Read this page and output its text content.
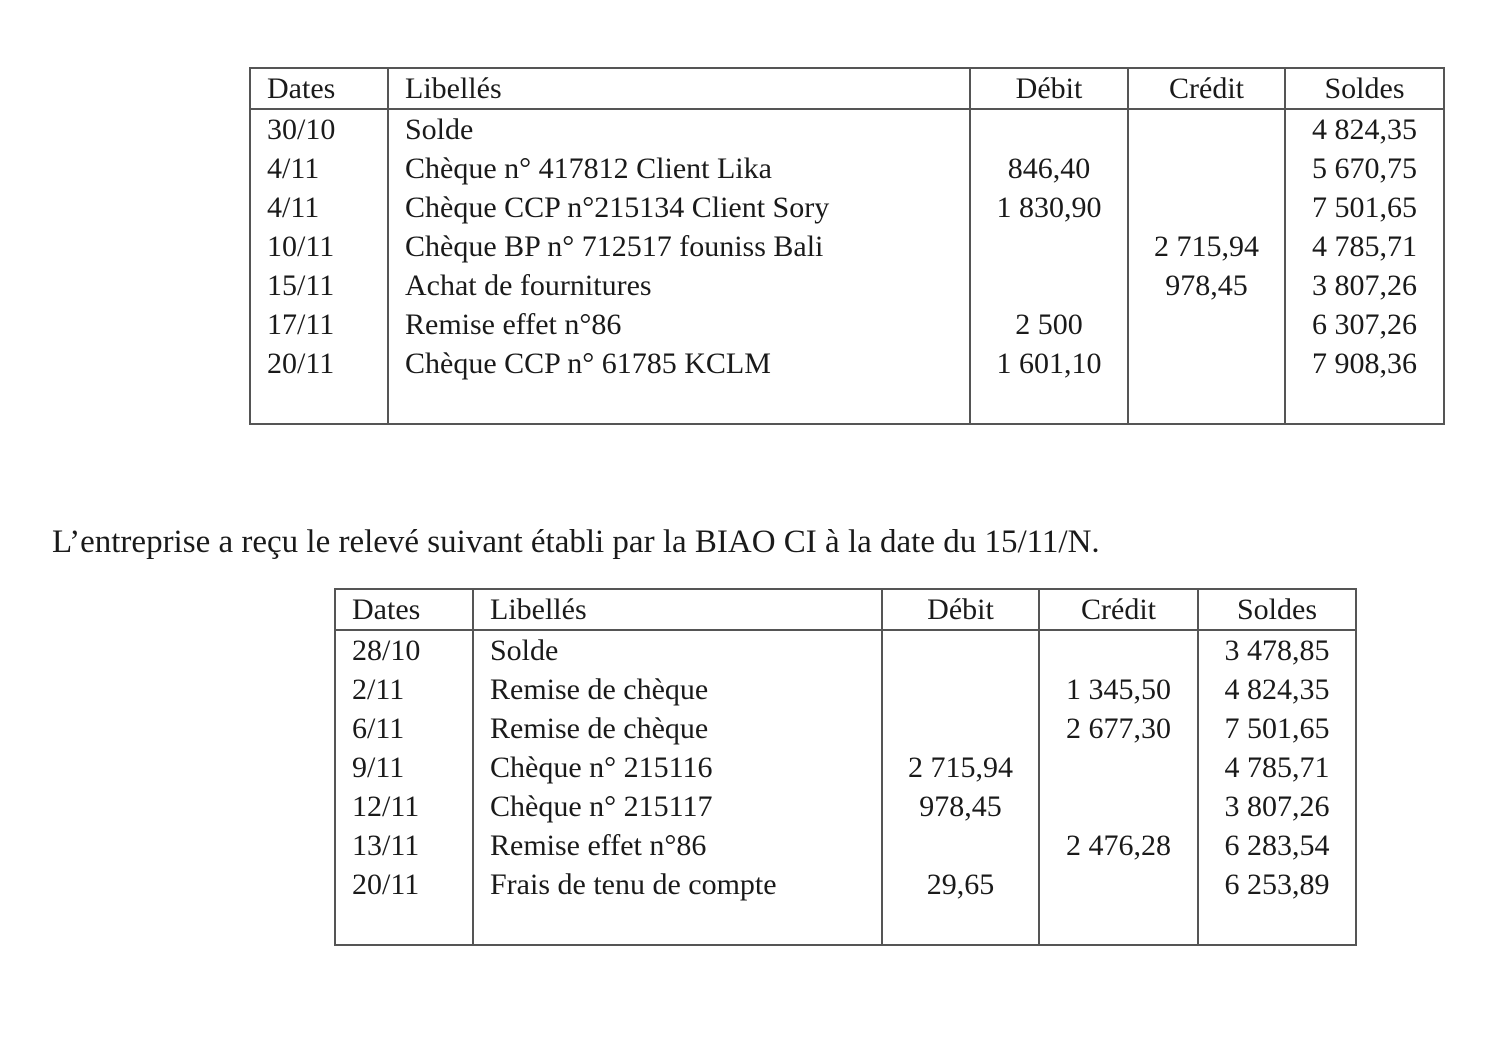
Dates	Libellés	Débit	Crédit	Soldes
30/10	Solde			4 824,35
4/11	Chèque n° 417812 Client Lika	846,40		5 670,75
4/11	Chèque CCP n°215134 Client Sory	1 830,90		7 501,65
10/11	Chèque BP n° 712517 founiss Bali		2 715,94	4 785,71
15/11	Achat de fournitures		978,45	3 807,26
17/11	Remise effet n°86	2 500		6 307,26
20/11	Chèque CCP n° 61785 KCLM	1 601,10		7 908,36

L’entreprise a reçu le relevé suivant établi par la BIAO CI à la date du 15/11/N.

Dates	Libellés	Débit	Crédit	Soldes
28/10	Solde			3 478,85
2/11	Remise de chèque		1 345,50	4 824,35
6/11	Remise de chèque		2 677,30	7 501,65
9/11	Chèque n° 215116	2 715,94		4 785,71
12/11	Chèque n° 215117	978,45		3 807,26
13/11	Remise effet n°86		2 476,28	6 283,54
20/11	Frais de tenu de compte	29,65		6 253,89
